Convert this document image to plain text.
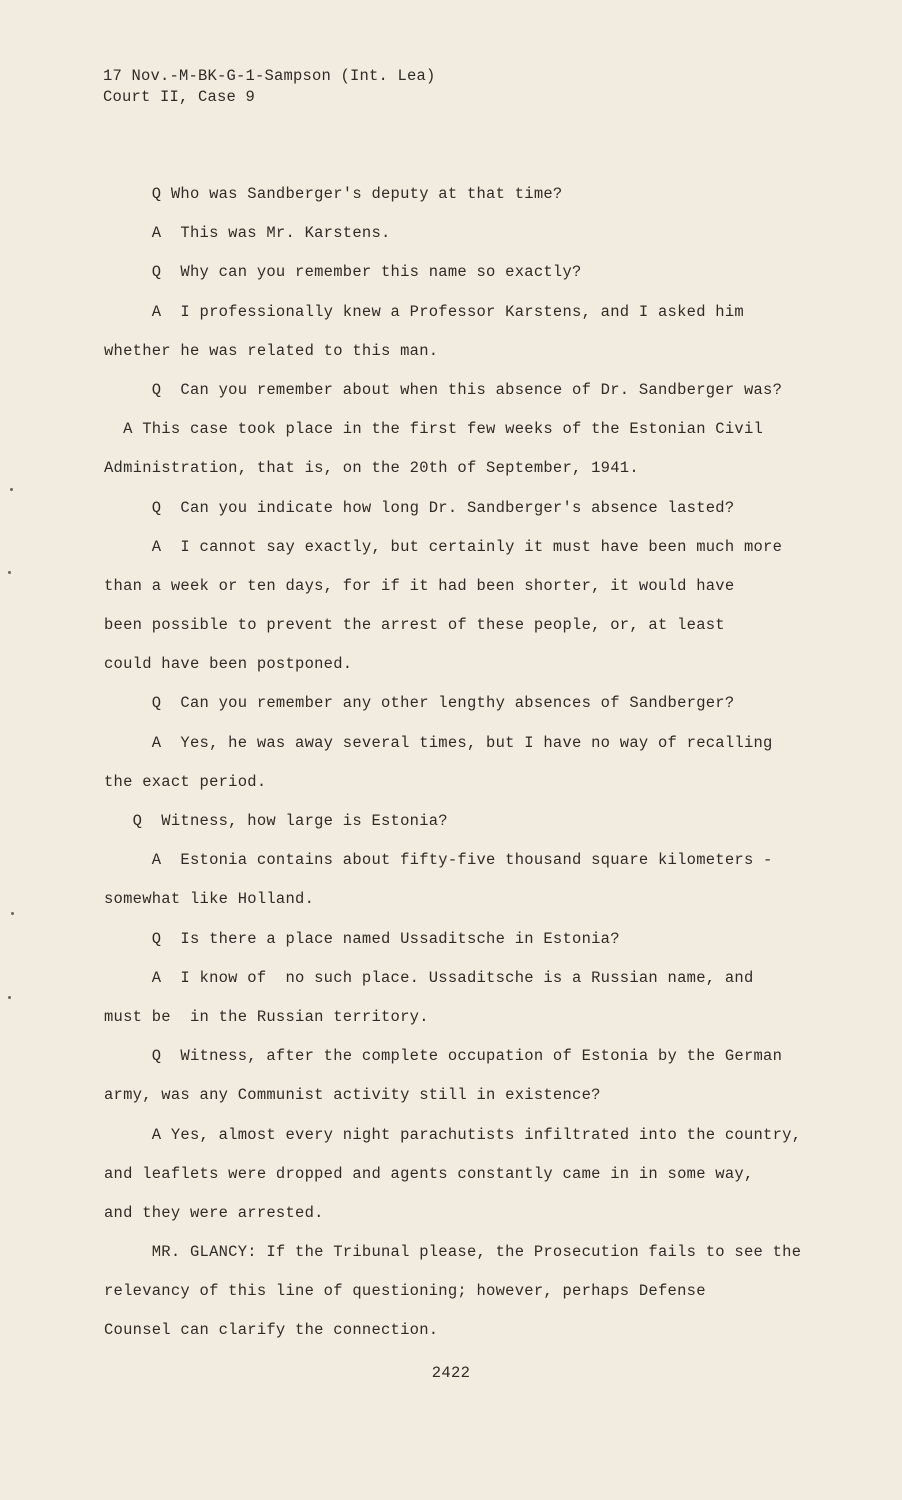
17 Nov.-M-BK-G-1-Sampson (Int. Lea)
Court II, Case 9
Q Who was Sandberger's deputy at that time?
A  This was Mr. Karstens.
Q  Why can you remember this name so exactly?
A  I professionally knew a Professor Karstens, and I asked him
whether he was related to this man.
Q  Can you remember about when this absence of Dr. Sandberger was?
A This case took place in the first few weeks of the Estonian Civil
Administration, that is, on the 20th of September, 1941.
Q  Can you indicate how long Dr. Sandberger's absence lasted?
A  I cannot say exactly, but certainly it must have been much more
than a week or ten days, for if it had been shorter, it would have
been possible to prevent the arrest of these people, or, at least
could have been postponed.
Q  Can you remember any other lengthy absences of Sandberger?
A  Yes, he was away several times, but I have no way of recalling
the exact period.
Q  Witness, how large is Estonia?
A  Estonia contains about fifty-five thousand square kilometers -
somewhat like Holland.
Q  Is there a place named Ussaditsche in Estonia?
A  I know of  no such place. Ussaditsche is a Russian name, and
must be  in the Russian territory.
Q  Witness, after the complete occupation of Estonia by the German
army, was any Communist activity still in existence?
A Yes, almost every night parachutists infiltrated into the country,
and leaflets were dropped and agents constantly came in in some way,
and they were arrested.
MR. GLANCY: If the Tribunal please, the Prosecution fails to see the
relevancy of this line of questioning; however, perhaps Defense
Counsel can clarify the connection.
2422
